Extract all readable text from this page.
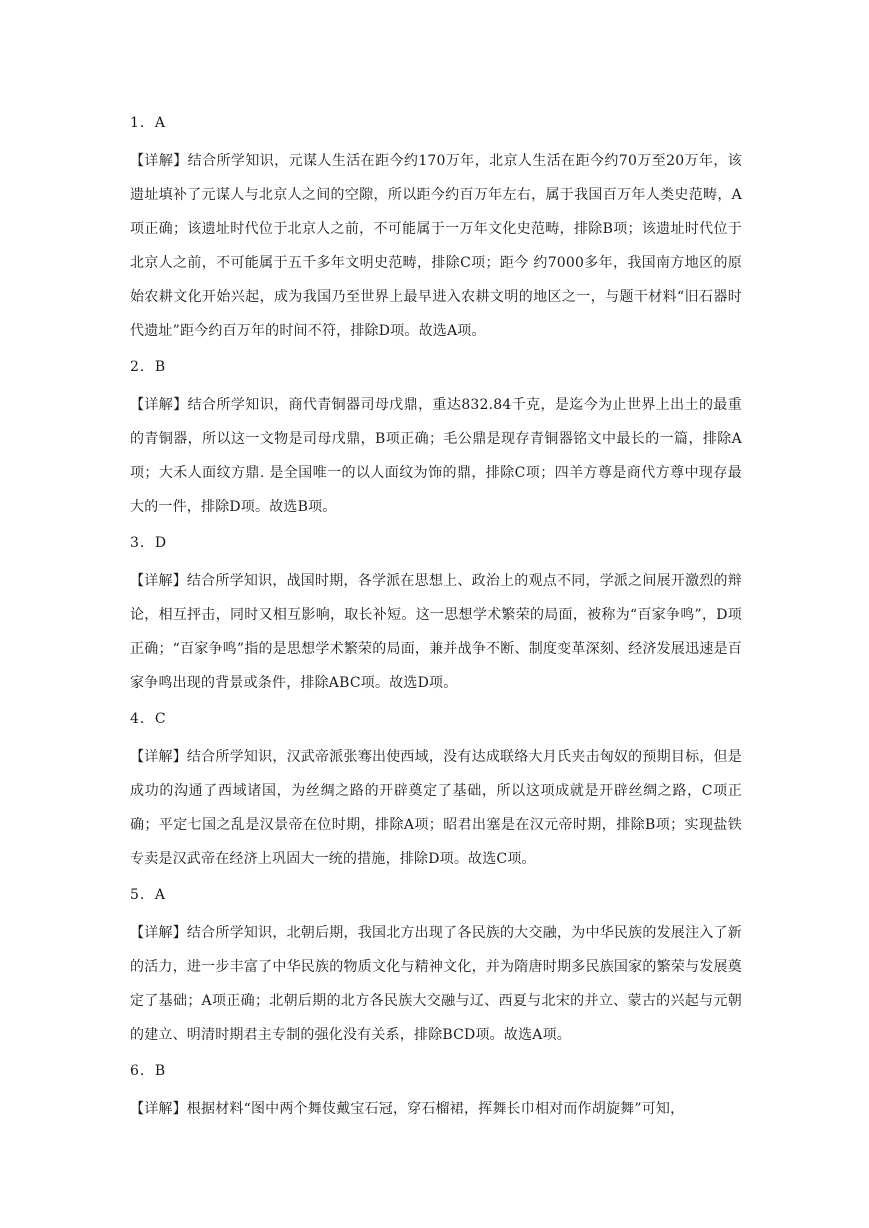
1．A
【详解】结合所学知识，元谋人生活在距今约170万年，北京人生活在距今约70万至20万年，该遗址填补了元谋人与北京人之间的空隙，所以距今约百万年左右，属于我国百万年人类史范畴，A项正确；该遗址时代位于北京人之前，不可能属于一万年文化史范畴，排除B项；该遗址时代位于北京人之前，不可能属于五千多年文明史范畴，排除C项；距今 约7000多年，我国南方地区的原始农耕文化开始兴起，成为我国乃至世界上最早进入农耕文明的地区之一，与题干材料“旧石器时代遗址”距今约百万年的时间不符，排除D项。故选A项。
2．B
【详解】结合所学知识，商代青铜器司母戊鼎，重达832.84千克，是迄今为止世界上出土的最重的青铜器，所以这一文物是司母戊鼎，B项正确；毛公鼎是现存青铜器铭文中最长的一篇，排除A项；大禾人面纹方鼎. 是全国唯一的以人面纹为饰的鼎，排除C项；四羊方尊是商代方尊中现存最大的一件，排除D项。故选B项。
3．D
【详解】结合所学知识，战国时期，各学派在思想上、政治上的观点不同，学派之间展开激烈的辩论，相互抨击，同时又相互影响，取长补短。这一思想学术繁荣的局面，被称为“百家争鸣”，D项正确；“百家争鸣”指的是思想学术繁荣的局面，兼并战争不断、制度变革深刻、经济发展迅速是百家争鸣出现的背景或条件，排除ABC项。故选D项。
4．C
【详解】结合所学知识，汉武帝派张骞出使西域，没有达成联络大月氏夹击匈奴的预期目标，但是成功的沟通了西域诸国，为丝绸之路的开辟奠定了基础，所以这项成就是开辟丝绸之路，C项正确；平定七国之乱是汉景帝在位时期，排除A项；昭君出塞是在汉元帝时期，排除B项；实现盐铁专卖是汉武帝在经济上巩固大一统的措施，排除D项。故选C项。
5．A
【详解】结合所学知识，北朝后期，我国北方出现了各民族的大交融，为中华民族的发展注入了新的活力，进一步丰富了中华民族的物质文化与精神文化，并为隋唐时期多民族国家的繁荣与发展奠定了基础；A项正确；北朝后期的北方各民族大交融与辽、西夏与北宋的并立、蒙古的兴起与元朝的建立、明清时期君主专制的强化没有关系，排除BCD项。故选A项。
6．B
【详解】根据材料“图中两个舞伎戴宝石冠，穿石榴裙，挥舞长巾相对而作胡旋舞”可知，
